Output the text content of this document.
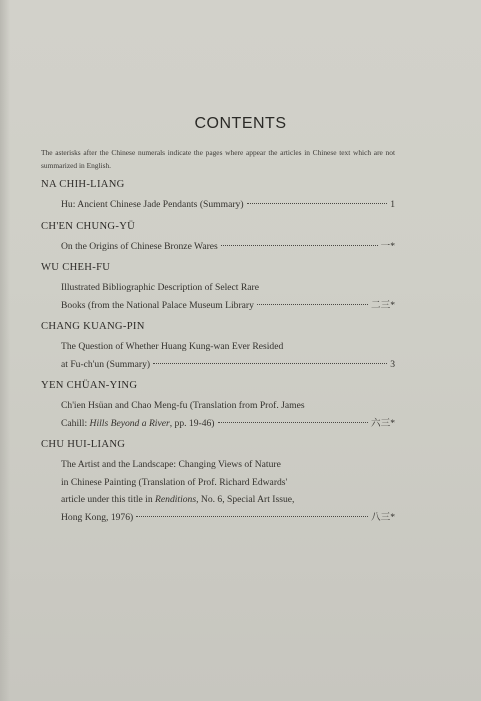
CONTENTS
The asterisks after the Chinese numerals indicate the pages where appear the articles in Chinese text which are not summarized in English.

NA CHIH-LIANG

Hu: Ancient Chinese Jade Pendants (Summary)	1

CH'EN CHUNG-YÜ

On the Origins of Chinese Bronze Wares	一*

WU CHEH-FU

Illustrated Bibliographic Description of Select Rare
Books (from the National Palace Museum Library	二三*

CHANG KUANG-PIN

The Question of Whether Huang Kung-wan Ever Resided
at Fu-ch'un (Summary)	3

YEN CHÜAN-YING

Ch'ien Hsüan and Chao Meng-fu (Translation from Prof. James
Cahill:
Hills Beyond a River , pp. 19-46)	六三*

CHU HUI-LIANG

The Artist and the Landscape: Changing Views of Nature
in Chinese Painting (Translation of Prof. Richard Edwards'
article under this title in Renditions, No. 6, Special Art Issue,
Hong Kong, 1976)	八三*
